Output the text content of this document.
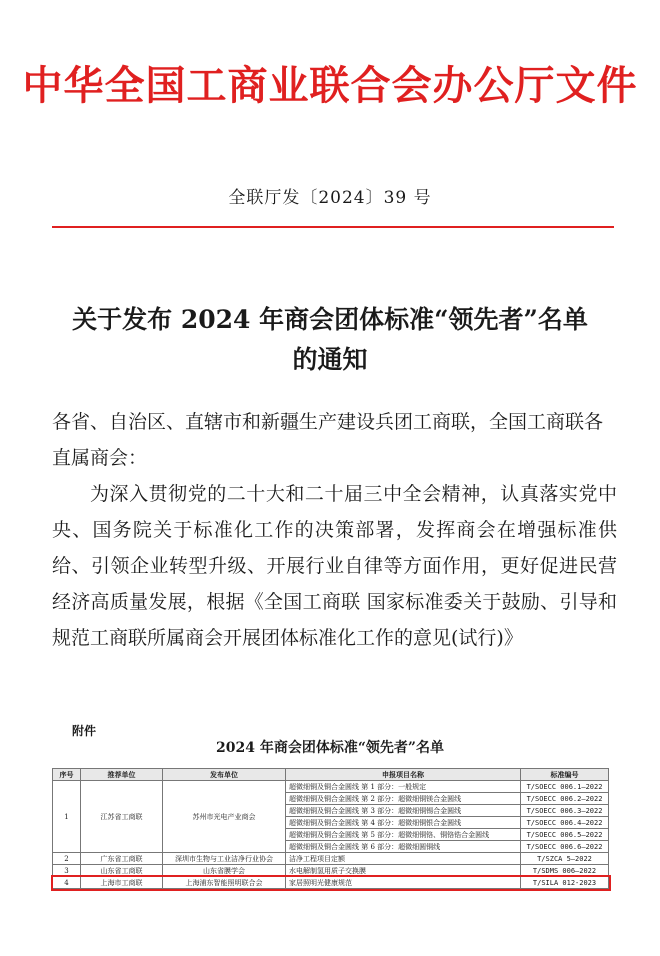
中华全国工商业联合会办公厅文件
全联厅发〔2024〕39 号
关于发布 2024 年商会团体标准“领先者”名单
的通知
各省、自治区、直辖市和新疆生产建设兵团工商联，全国工商联各直属商会：
为深入贯彻党的二十大和二十届三中全会精神，认真落实党中央、国务院关于标准化工作的决策部署，发挥商会在增强标准供给、引领企业转型升级、开展行业自律等方面作用，更好促进民营经济高质量发展，根据《全国工商联 国家标准委关于鼓励、引导和规范工商联所属商会开展团体标准化工作的意见(试行)》
附件
2024 年商会团体标准“领先者”名单
序号	推荐单位	发布单位	申报项目名称	标准编号
1	江苏省工商联	苏州市光电产业商会	超微细铜及铜合金圆线 第 1 部分：一般规定	T/SOECC 006.1—2022
			超微细铜及铜合金圆线 第 2 部分：超微细铜镁合金圆线	T/SOECC 006.2—2022
			超微细铜及铜合金圆线 第 3 部分：超微细铜锡合金圆线	T/SOECC 006.3—2022
			超微细铜及铜合金圆线 第 4 部分：超微细铜银合金圆线	T/SOECC 006.4—2022
			超微细铜及铜合金圆线 第 5 部分：超微细铜铬、铜铬锆合金圆线	T/SOECC 006.5—2022
			超微细铜及铜合金圆线 第 6 部分：超微细圆铜线	T/SOECC 006.6—2022
2	广东省工商联	深圳市生物与工业洁净行业协会	洁净工程项目定额	T/SZCA 5—2022
3	山东省工商联	山东省膜学会	水电解制氢用质子交换膜	T/SDMS 006—2022
4	上海市工商联	上海浦东智能照明联合会	家居照明光健康规范	T/SILA 012-2023
